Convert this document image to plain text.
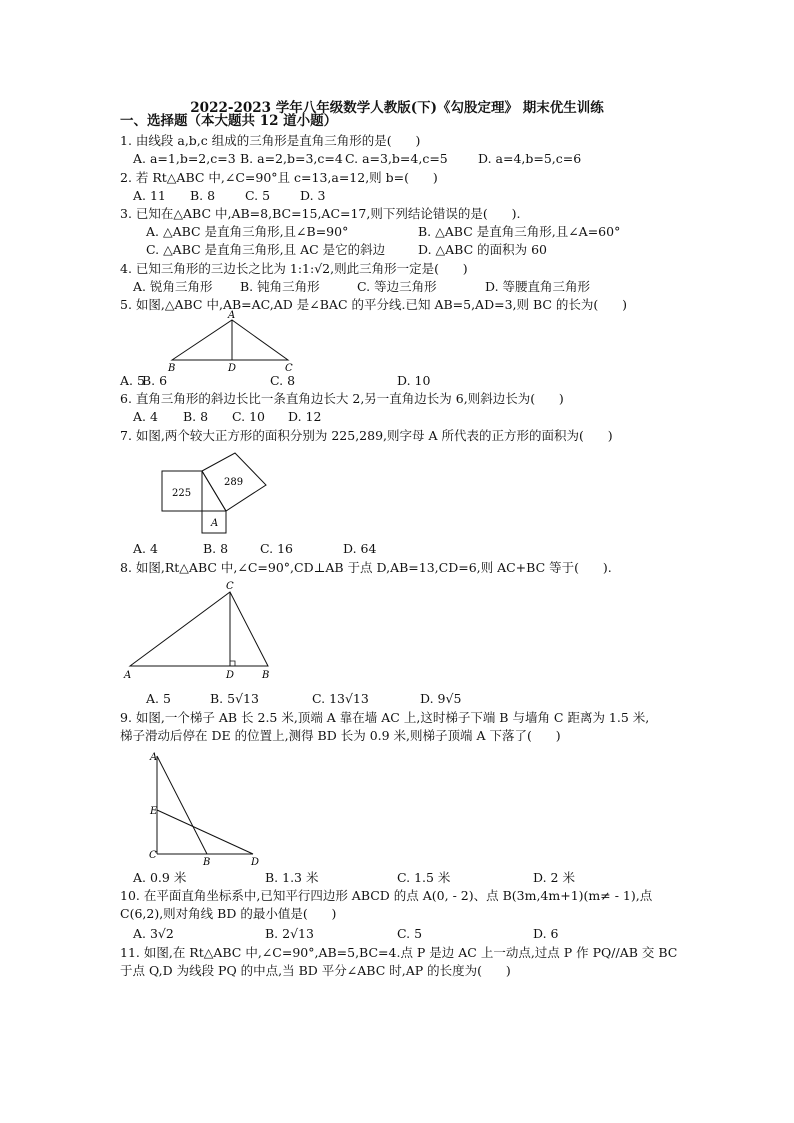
2022-2023 学年八年级数学人教版(下)《勾股定理》 期末优生训练
一、选择题（本大题共 12 道小题）
1. 由线段 a,b,c 组成的三角形是直角三角形的是(      )
A. a=1,b=2,c=3 B. a=2,b=3,c=4 C. a=3,b=4,c=5 D. a=4,b=5,c=6
2. 若 Rt△ABC 中,∠C=90°且 c=13,a=12,则 b=(      )
A. 11 B. 8 C. 5 D. 3
3. 已知在△ABC 中,AB=8,BC=15,AC=17,则下列结论错误的是(      ).
A. △ABC 是直角三角形,且∠B=90°	B. △ABC 是直角三角形,且∠A=60°
C. △ABC 是直角三角形,且 AC 是它的斜边	D. △ABC 的面积为 60
4. 已知三角形的三边长之比为 1:1:√2,则此三角形一定是(      )
A. 锐角三角形 B. 钝角三角形	C. 等边三角形	D. 等腰直角三角形
5. 如图,△ABC 中,AB=AC,AD 是∠BAC 的平分线.已知 AB=5,AD=3,则 BC 的长为(      )
A
B	D	C
A. 5
B. 6	C. 8	D. 10
6. 直角三角形的斜边长比一条直角边长大 2,另一直角边长为 6,则斜边长为(      )
A. 4 B. 8 C. 10 D. 12
7. 如图,两个较大正方形的面积分别为 225,289,则字母 A 所代表的正方形的面积为(      )
225
289
A
A. 4	B. 8	C. 16	D. 64
8. 如图,Rt△ABC 中,∠C=90°,CD⊥AB 于点 D,AB=13,CD=6,则 AC+BC 等于(      ).
C
A	D	B
A. 5	B. 5√13	C. 13√13	D. 9√5
9. 如图,一个梯子 AB 长 2.5 米,顶端 A 靠在墙 AC 上,这时梯子下端 B 与墙角 C 距离为 1.5 米,
梯子滑动后停在 DE 的位置上,测得 BD 长为 0.9 米,则梯子顶端 A 下落了(      )
A
E
C
B	D
A. 0.9 米	B. 1.3 米	C. 1.5 米	D. 2 米
10. 在平面直角坐标系中,已知平行四边形 ABCD 的点 A(0, - 2)、点 B(3m,4m+1)(m≠ - 1),点
C(6,2),则对角线 BD 的最小值是(      )
A. 3√2	B. 2√13	C. 5	D. 6
11. 如图,在 Rt△ABC 中,∠C=90°,AB=5,BC=4.点 P 是边 AC 上一动点,过点 P 作 PQ//AB 交 BC
于点 Q,D 为线段 PQ 的中点,当 BD 平分∠ABC 时,AP 的长度为(      )
